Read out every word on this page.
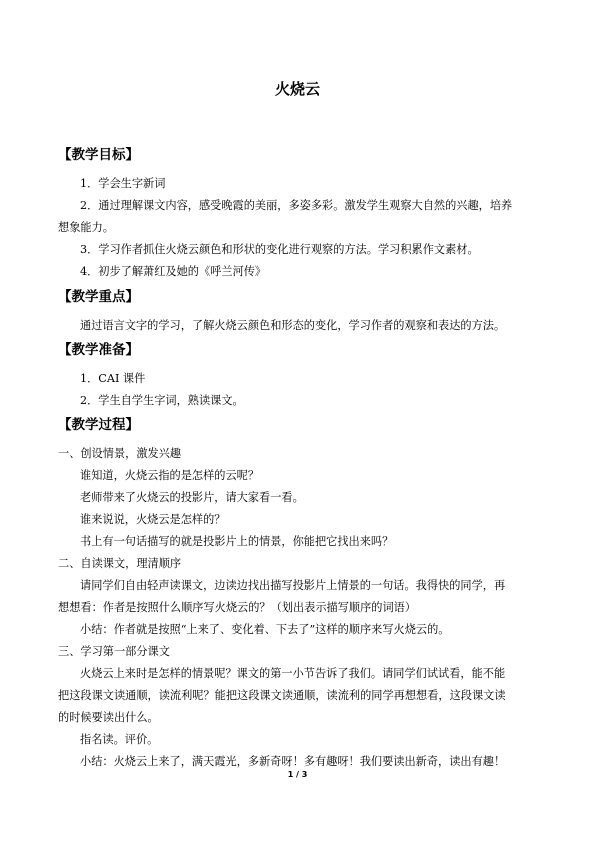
火烧云
【教学目标】
1．学会生字新词
2．通过理解课文内容，感受晚霞的美丽，多姿多彩。激发学生观察大自然的兴趣，培养
想象能力。
3．学习作者抓住火烧云颜色和形状的变化进行观察的方法。学习积累作文素材。
4．初步了解萧红及她的《呼兰河传》
【教学重点】
通过语言文字的学习，了解火烧云颜色和形态的变化，学习作者的观察和表达的方法。
【教学准备】
1．CAI 课件
2．学生自学生字词，熟读课文。
【教学过程】
一、创设情景，激发兴趣
谁知道，火烧云指的是怎样的云呢？
老师带来了火烧云的投影片，请大家看一看。
谁来说说，火烧云是怎样的？
书上有一句话描写的就是投影片上的情景，你能把它找出来吗？
二、自读课文，理清顺序
请同学们自由轻声读课文，边读边找出描写投影片上情景的一句话。我得快的同学，再
想想看：作者是按照什么顺序写火烧云的？（划出表示描写顺序的词语）
小结：作者就是按照“上来了、变化着、下去了”这样的顺序来写火烧云的。
三、学习第一部分课文
火烧云上来时是怎样的情景呢？课文的第一小节告诉了我们。请同学们试试看，能不能
把这段课文读通顺，读流利呢？能把这段课文读通顺，读流利的同学再想想看，这段课文读
的时候要读出什么。
指名读。评价。
小结：火烧云上来了，满天霞光，多新奇呀！多有趣呀！我们要读出新奇，读出有趣！
1 / 3
